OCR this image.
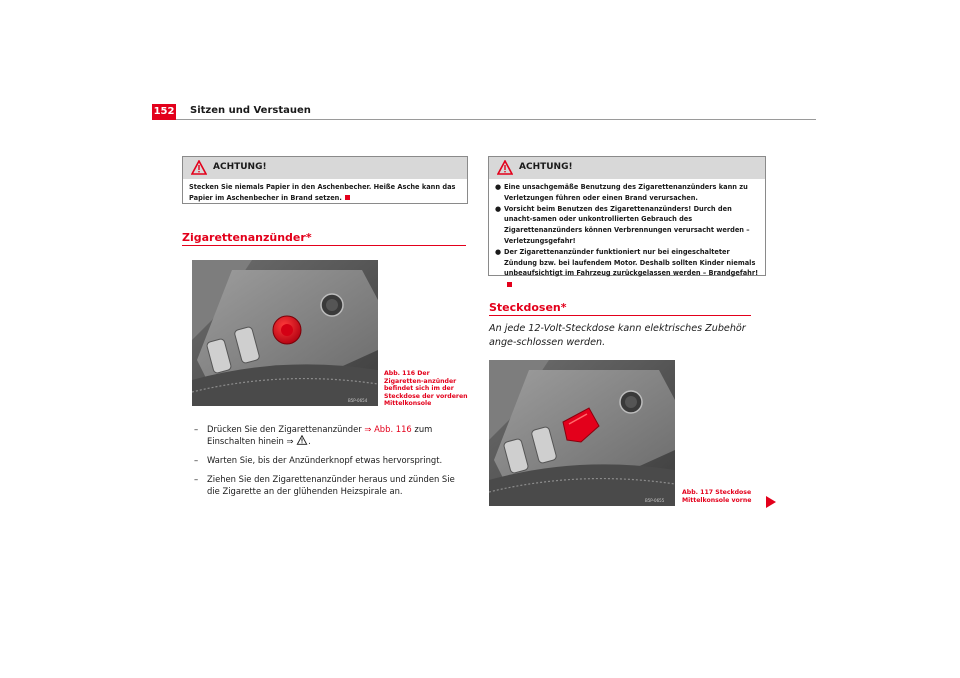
152 Sitzen und Verstauen
ACHTUNG!
Stecken Sie niemals Papier in den Aschenbecher. Heiße Asche kann das Papier im Aschenbecher in Brand setzen.
Zigarettenanzünder*
B5P-0654
Abb. 116 Der Zigaretten-anzünder befindet sich im der Steckdose der vorderen Mittelkonsole
–	Drücken Sie den Zigarettenanzünder ⇒ Abb. 116 zum Einschalten hinein ⇒ .
–	Warten Sie, bis der Anzünderknopf etwas hervorspringt.
–	Ziehen Sie den Zigarettenanzünder heraus und zünden Sie die Zigarette an der glühenden Heizspirale an.
ACHTUNG!
● Eine unsachgemäße Benutzung des Zigarettenanzünders kann zu Verletzungen führen oder einen Brand verursachen.
● Vorsicht beim Benutzen des Zigarettenanzünders! Durch den unacht-samen oder unkontrollierten Gebrauch des Zigarettenanzünders können Verbrennungen verursacht werden – Verletzungsgefahr!
● Der Zigarettenanzünder funktioniert nur bei eingeschalteter Zündung bzw. bei laufendem Motor. Deshalb sollten Kinder niemals unbeaufsichtigt im Fahrzeug zurückgelassen werden – Brandgefahr!
Steckdosen*
An jede 12-Volt-Steckdose kann elektrisches Zubehör ange-schlossen werden.
B5P-0655
Abb. 117 Steckdose Mittelkonsole vorne
